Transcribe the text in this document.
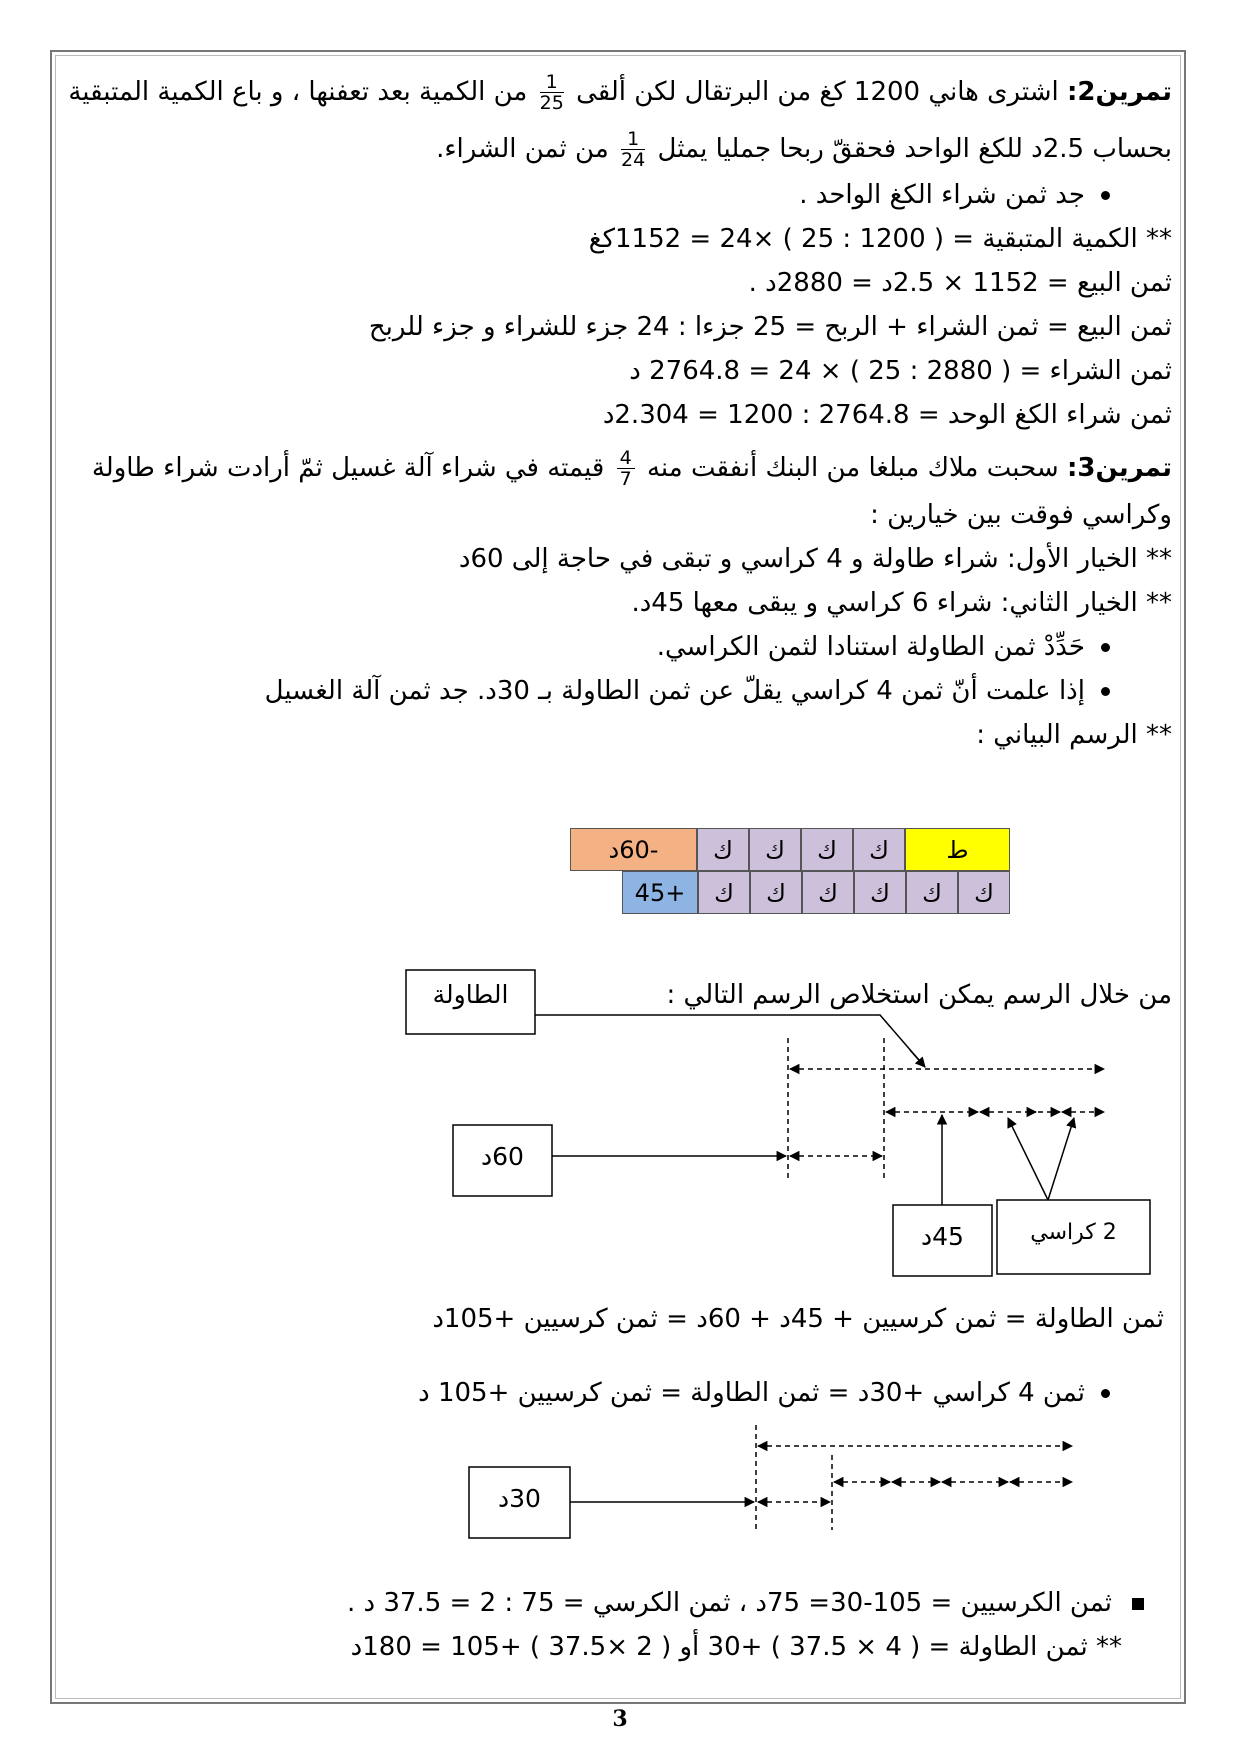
تمرين2: اشترى هاني 1200 كغ من البرتقال لكن ألقى
$\frac{1}{25}$
من الكمية بعد تعفنها ، و باع الكمية المتبقية
بحساب 2.5د للكغ الواحد فحققّ ربحا جمليا يمثل
$\frac{1}{24}$
من ثمن الشراء.
جد ثمن شراء الكغ الواحد .
** الكمية المتبقية = ( 1200 : 25 ) ×24 = 1152كغ
ثمن البيع = 1152 × 2.5د = 2880د .
ثمن البيع = ثمن الشراء + الربح = 25 جزءا : 24 جزء للشراء و جزء للربح
ثمن الشراء = ( 2880 : 25 ) × 24 = 2764.8 د
ثمن شراء الكغ الوحد = 2764.8 : 1200 = 2.304د
تمرين3: سحبت ملاك مبلغا من البنك أنفقت منه
$\frac{4}{7}$
قيمته في شراء آلة غسيل ثمّ أرادت شراء طاولة
وكراسي فوقت بين خيارين :
** الخيار الأول: شراء طاولة و 4 كراسي و تبقى في حاجة إلى 60د
** الخيار الثاني: شراء 6 كراسي و يبقى معها 45د.
حَدِّدْ ثمن الطاولة استنادا لثمن الكراسي.
إذا علمت أنّ ثمن 4 كراسي يقلّ عن ثمن الطاولة بـ 30د. جد ثمن آلة الغسيل
** الرسم البياني :
ط
ك
ك
ك
ك
-60د
ك
ك
ك
ك
ك
ك
+45
من خلال الرسم يمكن استخلاص الرسم التالي :
الطاولة
60د
45د	2 كراسي
ثمن الطاولة = ثمن كرسيين + 45د + 60د = ثمن كرسيين +105د
ثمن 4 كراسي +30د = ثمن الطاولة = ثمن كرسيين +105 د
30د
ثمن الكرسيين = 105-30= 75د ، ثمن الكرسي = 75 : 2 = 37.5 د .
** ثمن الطاولة = ( 4 × 37.5 ) +30 أو ( 2 ×37.5 ) +105 = 180د
3
